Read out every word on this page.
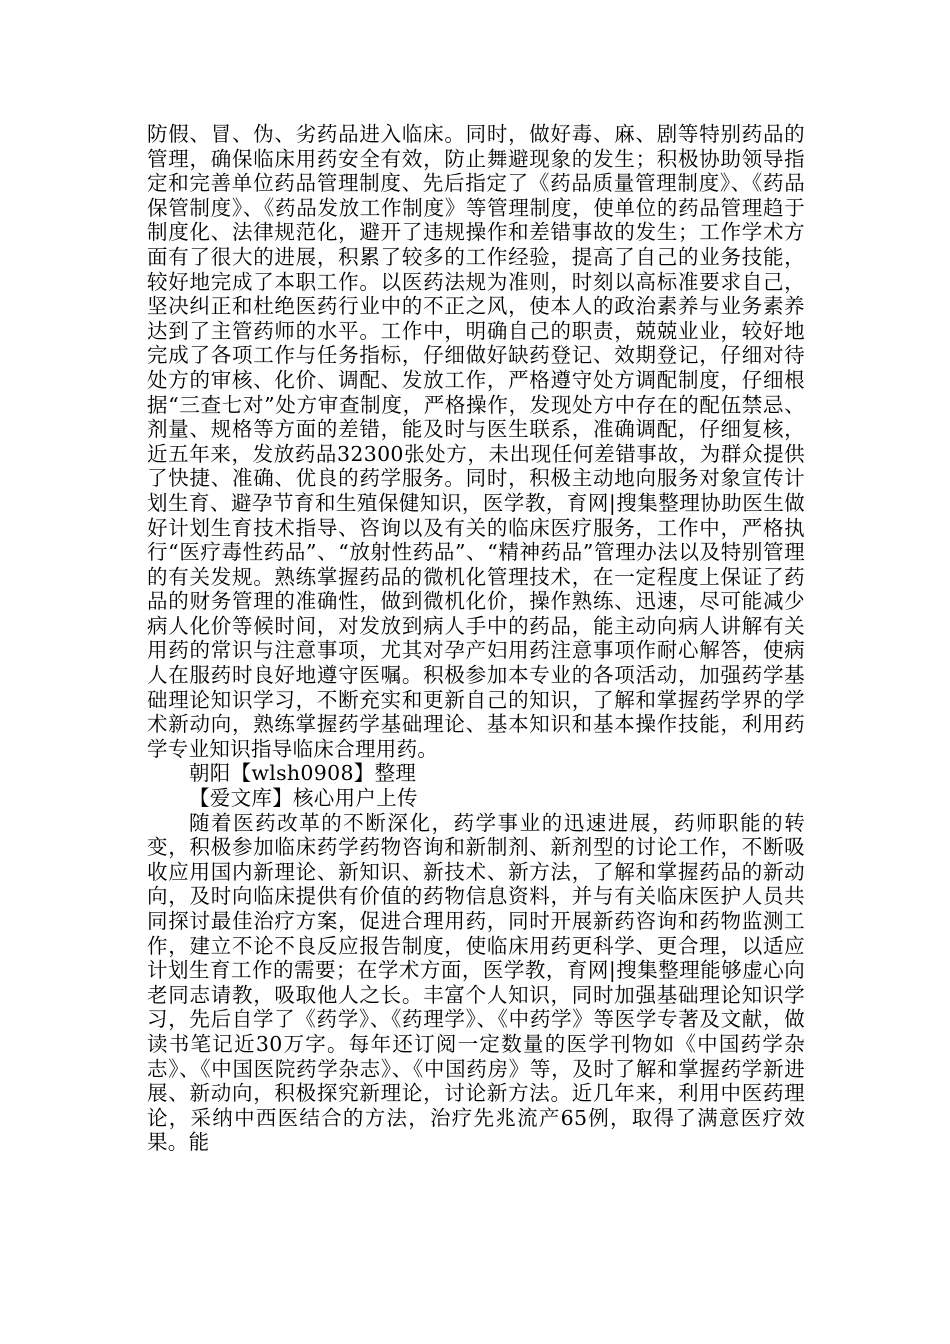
防假、冒、伪、劣药品进入临床。同时，做好毒、麻、剧等特别药品的管理，确保临床用药安全有效，防止舞避现象的发生；积极协助领导指定和完善单位药品管理制度、先后指定了《药品质量管理制度》、《药品保管制度》、《药品发放工作制度》等管理制度，使单位的药品管理趋于制度化、法律规范化，避开了违规操作和差错事故的发生；工作学术方面有了很大的进展，积累了较多的工作经验，提高了自己的业务技能，较好地完成了本职工作。以医药法规为准则，时刻以高标准要求自己，坚决纠正和杜绝医药行业中的不正之风，使本人的政治素养与业务素养达到了主管药师的水平。工作中，明确自己的职责，兢兢业业，较好地完成了各项工作与任务指标，仔细做好缺药登记、效期登记，仔细对待处方的审核、化价、调配、发放工作，严格遵守处方调配制度，仔细根据“三查七对”处方审查制度，严格操作，发现处方中存在的配伍禁忌、剂量、规格等方面的差错，能及时与医生联系，准确调配，仔细复核，近五年来，发放药品32300张处方，未出现任何差错事故，为群众提供了快捷、准确、优良的药学服务。同时，积极主动地向服务对象宣传计划生育、避孕节育和生殖保健知识，医学教，育网|搜集整理协助医生做好计划生育技术指导、咨询以及有关的临床医疗服务，工作中，严格执行“医疗毒性药品”、“放射性药品”、“精神药品”管理办法以及特别管理的有关发规。熟练掌握药品的微机化管理技术，在一定程度上保证了药品的财务管理的准确性，做到微机化价，操作熟练、迅速，尽可能减少病人化价等候时间，对发放到病人手中的药品，能主动向病人讲解有关用药的常识与注意事项，尤其对孕产妇用药注意事项作耐心解答，使病人在服药时良好地遵守医嘱。积极参加本专业的各项活动，加强药学基础理论知识学习，不断充实和更新自己的知识，了解和掌握药学界的学术新动向，熟练掌握药学基础理论、基本知识和基本操作技能，利用药学专业知识指导临床合理用药。

朝阳【wlsh0908】整理

【爱文库】核心用户上传

随着医药改革的不断深化，药学事业的迅速进展，药师职能的转变，积极参加临床药学药物咨询和新制剂、新剂型的讨论工作，不断吸收应用国内新理论、新知识、新技术、新方法，了解和掌握药品的新动向，及时向临床提供有价值的药物信息资料，并与有关临床医护人员共同探讨最佳治疗方案，促进合理用药，同时开展新药咨询和药物监测工作，建立不论不良反应报告制度，使临床用药更科学、更合理，以适应计划生育工作的需要；在学术方面，医学教，育网|搜集整理能够虚心向老同志请教，吸取他人之长。丰富个人知识，同时加强基础理论知识学习，先后自学了《药学》、《药理学》、《中药学》等医学专著及文献，做读书笔记近30万字。每年还订阅一定数量的医学刊物如《中国药学杂志》、《中国医院药学杂志》、《中国药房》等，及时了解和掌握药学新进展、新动向，积极探究新理论，讨论新方法。近几年来，利用中医药理论，采纳中西医结合的方法，治疗先兆流产65例，取得了满意医疗效果。能
